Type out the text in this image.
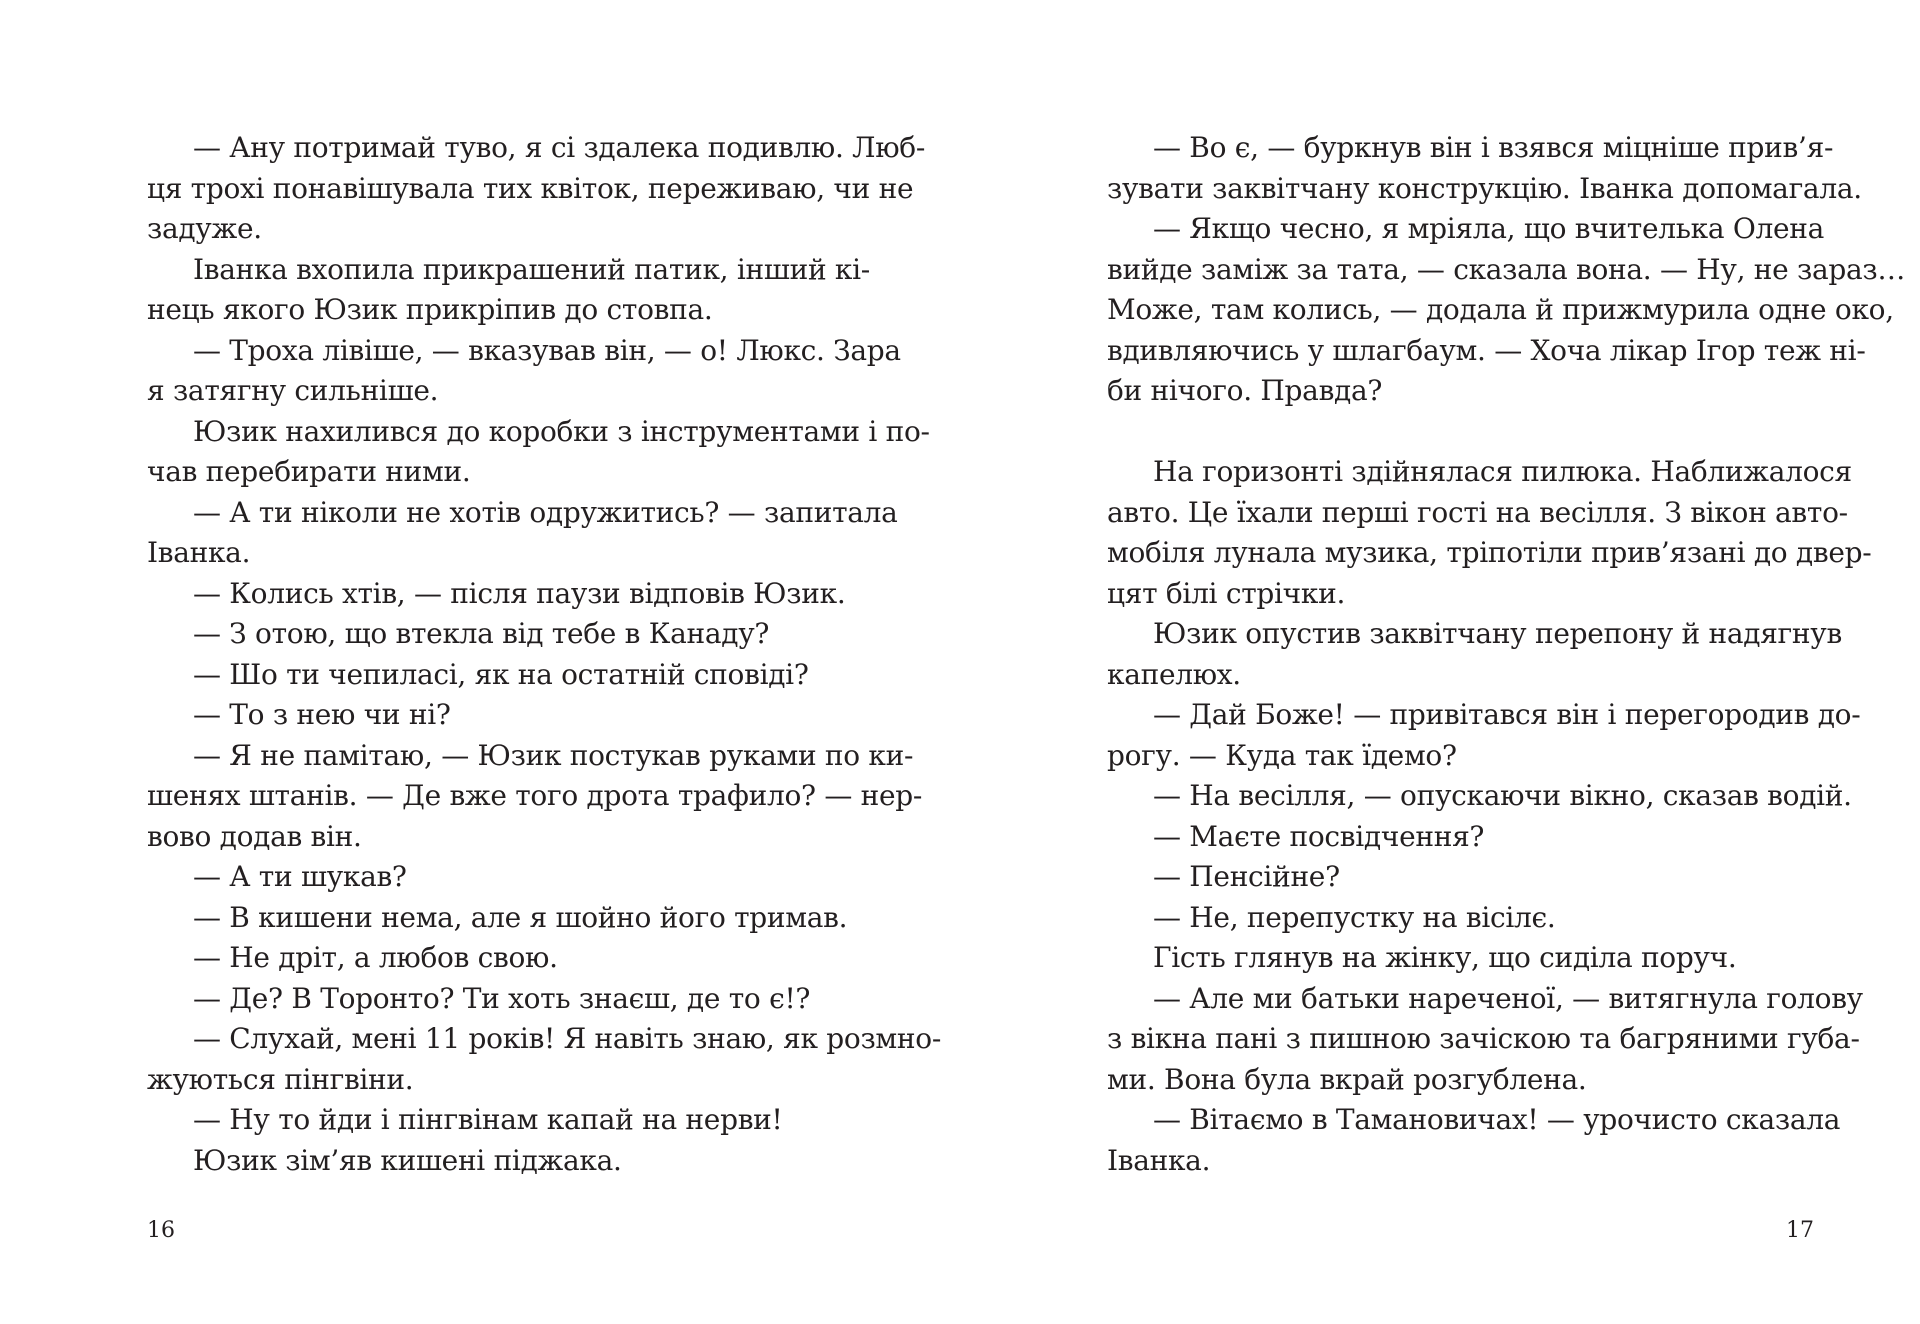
— Ану потримай туво, я сі здалека подивлю. Люб-
ця трохі понавішувала тих квіток, переживаю, чи не
задуже.
Іванка вхопила прикрашений патик, інший кі-
нець якого Юзик прикріпив до стовпа.
— Троха лівіше, — вказував він, — о! Люкс. Зара
я затягну сильніше.
Юзик нахилився до коробки з інструментами і по-
чав перебирати ними.
— А ти ніколи не хотів одружитись? — запитала
Іванка.
— Колись хтів, — після паузи відповів Юзик.
— З отою, що втекла від тебе в Канаду?
— Шо ти чепиласі, як на остатній сповіді?
— То з нею чи ні?
— Я не памітаю, — Юзик постукав руками по ки-
шенях штанів. — Де вже того дрота трафило? — нер-
вово додав він.
— А ти шукав?
— В кишени нема, але я шойно його тримав.
— Не дріт, а любов свою.
— Де? В Торонто? Ти хоть знаєш, де то є!?
— Слухай, мені 11 років! Я навіть знаю, як розмно-
жуються пінгвіни.
— Ну то йди і пінгвінам капай на нерви!
Юзик зім’яв кишені піджака.
16
— Во є, — буркнув він і взявся міцніше прив’я-
зувати заквітчану конструкцію. Іванка допомагала.
— Якщо чесно, я мріяла, що вчителька Олена
вийде заміж за тата, — сказала вона. — Ну, не зараз…
Може, там колись, — додала й прижмурила одне око,
вдивляючись у шлагбаум. — Хоча лікар Ігор теж ні-
би нічого. Правда?
На горизонті здійнялася пилюка. Наближалося
авто. Це їхали перші гості на весілля. З вікон авто-
мобіля лунала музика, тріпотіли прив’язані до двер-
цят білі стрічки.
Юзик опустив заквітчану перепону й надягнув
капелюх.
— Дай Боже! — привітався він і перегородив до-
рогу. — Куда так їдемо?
— На весілля, — опускаючи вікно, сказав водій.
— Маєте посвідчення?
— Пенсійне?
— Не, перепустку на вісілє.
Гість глянув на жінку, що сиділа поруч.
— Але ми батьки нареченої, — витягнула голову
з вікна пані з пишною зачіскою та багряними губа-
ми. Вона була вкрай розгублена.
— Вітаємо в Тамановичах! — урочисто сказала
Іванка.
17
